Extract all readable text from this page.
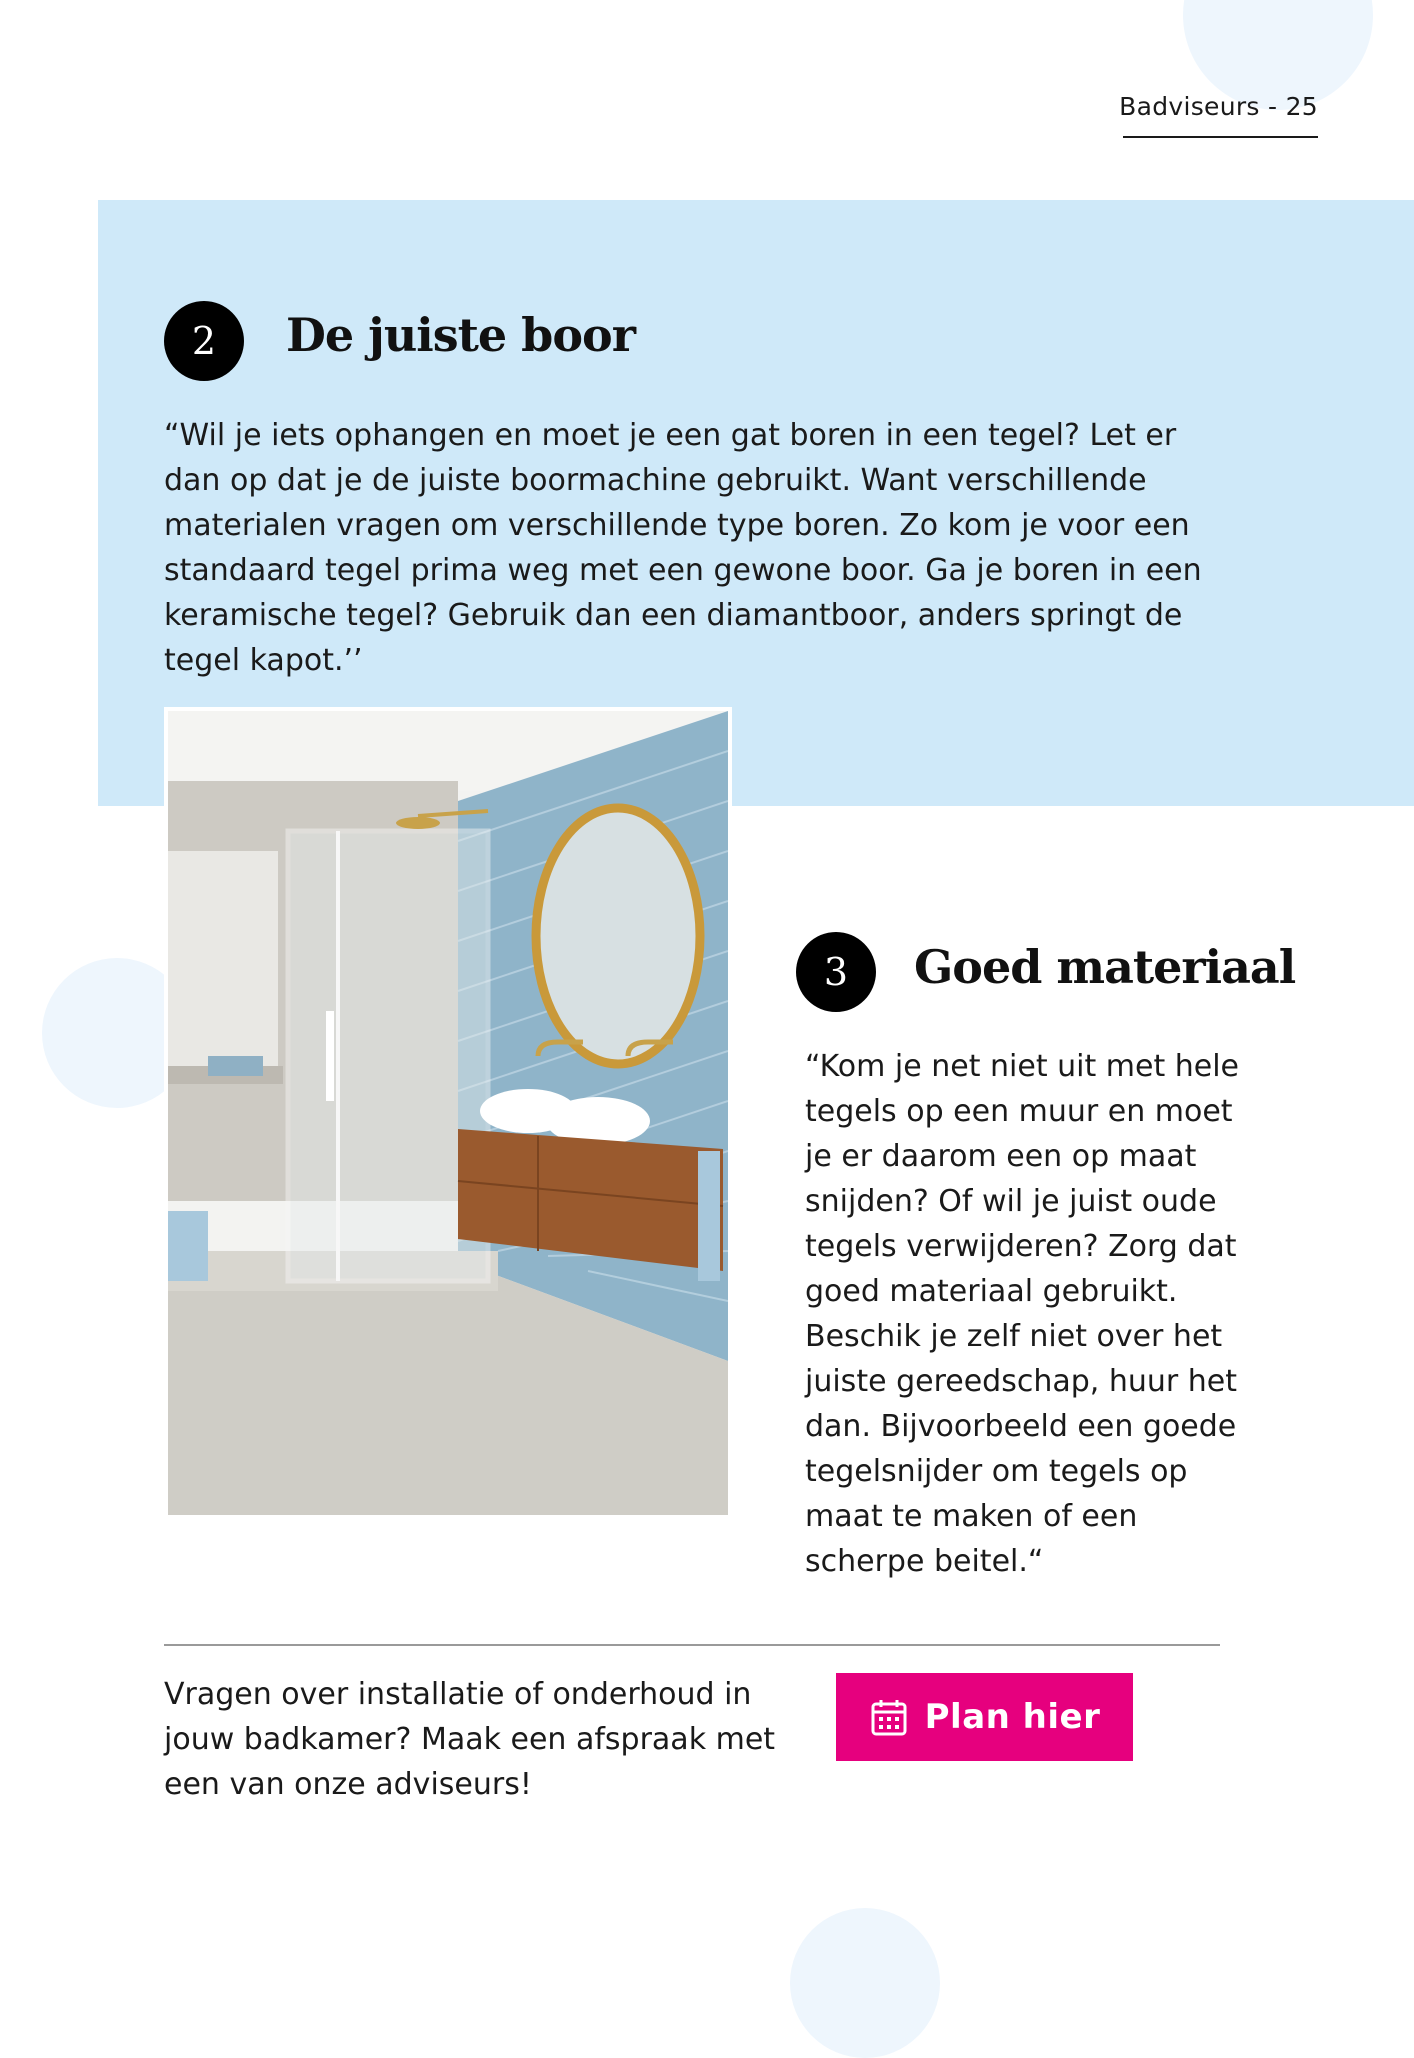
Badviseurs - 25
2	De juiste boor

“Wil je iets ophangen en moet je een gat boren in een tegel? Let er dan op dat je de juiste boormachine gebruikt. Want verschillende materialen vragen om verschillende type boren. Zo kom je voor een standaard tegel prima weg met een gewone boor. Ga je boren in een keramische tegel? Gebruik dan een diamantboor, anders springt de tegel kapot.’’

3	Goed materiaal

“Kom je net niet uit met hele tegels op een muur en moet je er daarom een op maat snijden? Of wil je juist oude tegels verwijderen? Zorg dat goed materiaal gebruikt. Beschik je zelf niet over het juiste gereedschap, huur het dan. Bijvoorbeeld een goede tegelsnijder om tegels op maat te maken of een scherpe beitel.“

Vragen over installatie of onderhoud in jouw badkamer? Maak een afspraak met een van onze adviseurs!

Plan hier
